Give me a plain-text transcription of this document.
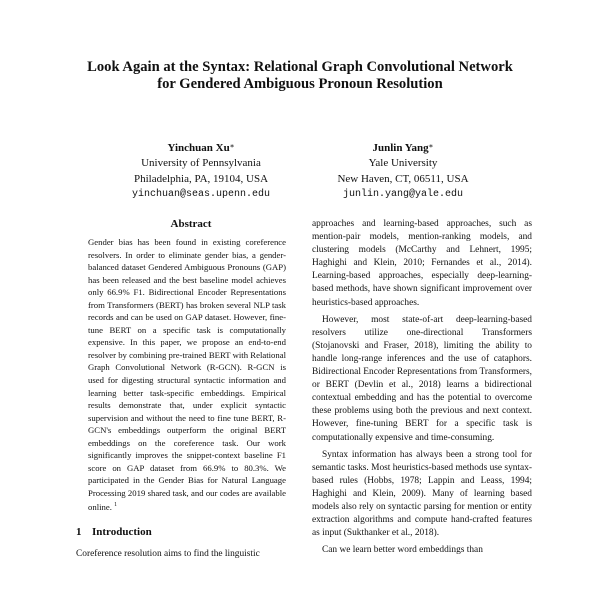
Look Again at the Syntax: Relational Graph Convolutional Network
for Gendered Ambiguous Pronoun Resolution
Yinchuan Xu∗
University of Pennsylvania
Philadelphia, PA, 19104, USA
yinchuan@seas.upenn.edu
Junlin Yang∗
Yale University
New Haven, CT, 06511, USA
junlin.yang@yale.edu
Abstract

Gender bias has been found in existing coreference resolvers. In order to eliminate gender bias, a gender-balanced dataset Gendered Ambiguous Pronouns (GAP) has been released and the best baseline model achieves only 66.9% F1. Bidirectional Encoder Representations from Transformers (BERT) has broken several NLP task records and can be used on GAP dataset. However, fine-tune BERT on a specific task is computationally expensive. In this paper, we propose an end-to-end resolver by combining pre-trained BERT with Relational Graph Convolutional Network (R-GCN). R-GCN is used for digesting structural syntactic information and learning better task-specific embeddings. Empirical results demonstrate that, under explicit syntactic supervision and without the need to fine tune BERT, R-GCN's embeddings outperform the original BERT embeddings on the coreference task. Our work significantly improves the snippet-context baseline F1 score on GAP dataset from 66.9% to 80.3%. We participated in the Gender Bias for Natural Language Processing 2019 shared task, and our codes are available online. $^1$

1 Introduction

Coreference resolution aims to find the linguistic

approaches and learning-based approaches, such as mention-pair models, mention-ranking models, and clustering models (McCarthy and Lehnert, 1995; Haghighi and Klein, 2010; Fernandes et al., 2014). Learning-based approaches, especially deep-learning-based methods, have shown significant improvement over heuristics-based approaches.

However, most state-of-art deep-learning-based resolvers utilize one-directional Transformers (Stojanovski and Fraser, 2018), limiting the ability to handle long-range inferences and the use of cataphors. Bidirectional Encoder Representations from Transformers, or BERT (Devlin et al., 2018) learns a bidirectional contextual embedding and has the potential to overcome these problems using both the previous and next context. However, fine-tuning BERT for a specific task is computationally expensive and time-consuming.

Syntax information has always been a strong tool for semantic tasks. Most heuristics-based methods use syntax-based rules (Hobbs, 1978; Lappin and Leass, 1994; Haghighi and Klein, 2009). Many of learning based models also rely on syntactic parsing for mention or entity extraction algorithms and compute hand-crafted features as input (Sukthanker et al., 2018).

Can we learn better word embeddings than
